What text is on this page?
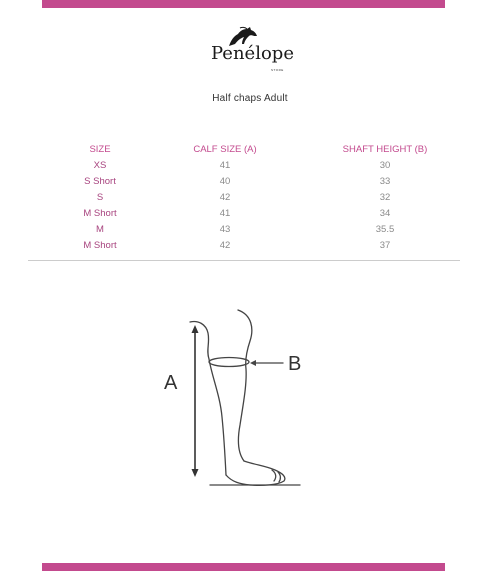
Penélope
STORE
Half chaps Adult
SIZE	CALF SIZE (A)	SHAFT HEIGHT (B)
XS	41	30
S Short	40	33
S	42	32
M Short	41	34
M	43	35.5
M Short	42	37
A
B
